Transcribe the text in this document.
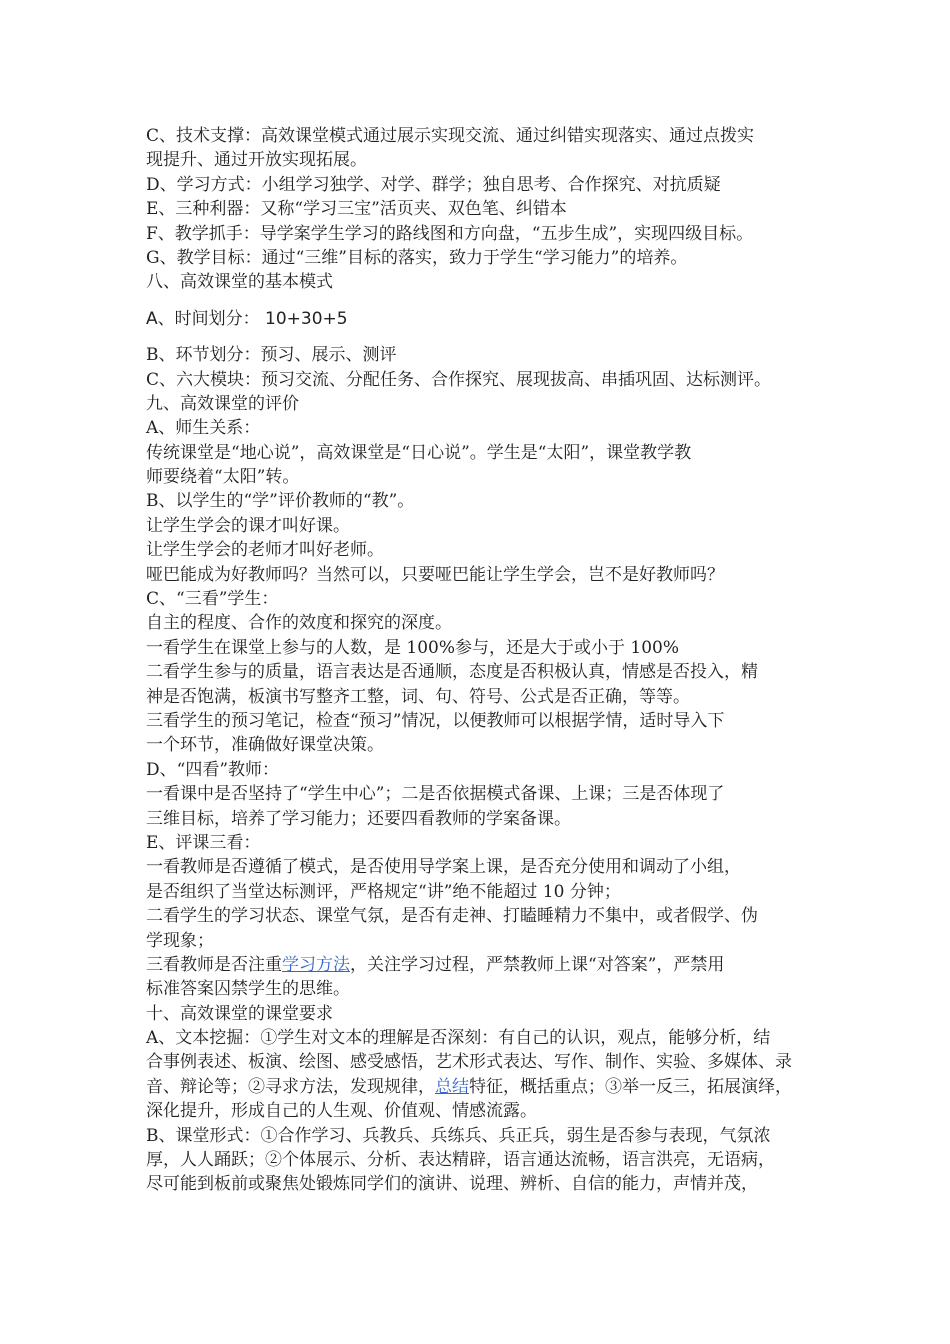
C、技术支撑：高效课堂模式通过展示实现交流、通过纠错实现落实、通过点拨实
现提升、通过开放实现拓展。
D、学习方式：小组学习独学、对学、群学；独自思考、合作探究、对抗质疑
E、三种利器：又称“学习三宝”活页夹、双色笔、纠错本
F、教学抓手：导学案学生学习的路线图和方向盘，“五步生成”，实现四级目标。
G、教学目标：通过“三维”目标的落实，致力于学生“学习能力”的培养。
八、高效课堂的基本模式
A、时间划分： 10+30+5
B、环节划分：预习、展示、测评
C、六大模块：预习交流、分配任务、合作探究、展现拔高、串插巩固、达标测评。
九、高效课堂的评价
A、师生关系：
传统课堂是“地心说”，高效课堂是“日心说”。学生是“太阳”，课堂教学教
师要绕着“太阳”转。
B、以学生的“学”评价教师的“教”。
让学生学会的课才叫好课。
让学生学会的老师才叫好老师。
哑巴能成为好教师吗？当然可以，只要哑巴能让学生学会，岂不是好教师吗？
C、“三看”学生：
自主的程度、合作的效度和探究的深度。
一看学生在课堂上参与的人数，是 100%参与，还是大于或小于 100%
二看学生参与的质量，语言表达是否通顺，态度是否积极认真，情感是否投入，精
神是否饱满，板演书写整齐工整，词、句、符号、公式是否正确，等等。
三看学生的预习笔记，检查“预习”情况，以便教师可以根据学情，适时导入下
一个环节，准确做好课堂决策。
D、“四看”教师：
一看课中是否坚持了“学生中心”；二是否依据模式备课、上课；三是否体现了
三维目标，培养了学习能力；还要四看教师的学案备课。
E、评课三看：
一看教师是否遵循了模式，是否使用导学案上课，是否充分使用和调动了小组，
是否组织了当堂达标测评，严格规定“讲”绝不能超过 10 分钟；
二看学生的学习状态、课堂气氛，是否有走神、打瞌睡精力不集中，或者假学、伪
学现象；
三看教师是否注重学习方法，关注学习过程，严禁教师上课“对答案”，严禁用
标准答案囚禁学生的思维。
十、高效课堂的课堂要求
A、文本挖掘：①学生对文本的理解是否深刻：有自己的认识，观点，能够分析，结
合事例表述、板演、绘图、感受感悟，艺术形式表达、写作、制作、实验、多媒体、录
音、辩论等；②寻求方法，发现规律，总结特征，概括重点；③举一反三，拓展演绎，
深化提升，形成自己的人生观、价值观、情感流露。
B、课堂形式：①合作学习、兵教兵、兵练兵、兵正兵，弱生是否参与表现，气氛浓
厚，人人踊跃；②个体展示、分析、表达精辟，语言通达流畅，语言洪亮，无语病，
尽可能到板前或聚焦处锻炼同学们的演讲、说理、辨析、自信的能力，声情并茂，
